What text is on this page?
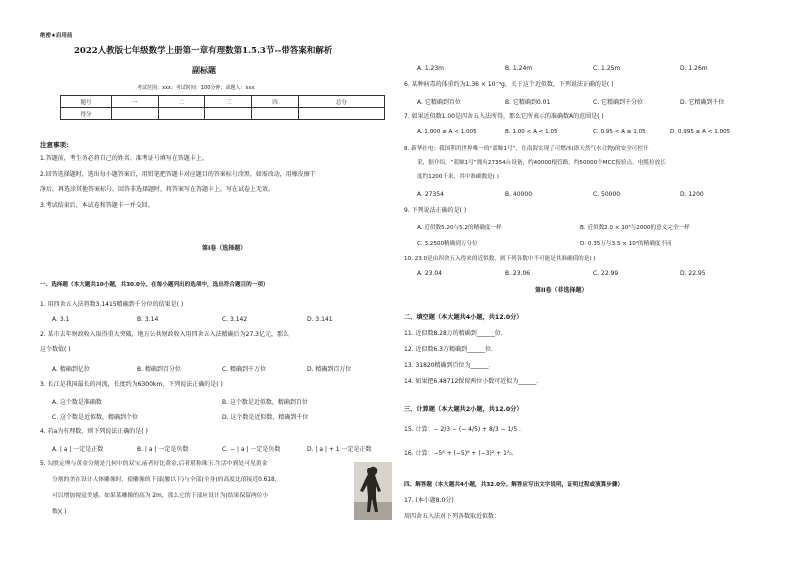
绝密★启用前
2022人教版七年级数学上册第一章有理数第1.5.3节--带答案和解析
副标题
考试范围：xxx；考试时间：100分钟；命题人：xxx
题号	一	二	三	四	总分
得分					
注意事项:
1.答题前，考生务必将自己的姓名、准考证号填写在答题卡上。
2.回答选择题时，选出每小题答案后，用铅笔把答题卡对应题目的答案标号涂黑。如需改动，用橡皮擦干
净后，再选涂其他答案标号。回答非选择题时，将答案写在答题卡上，写在试卷上无效。
3.考试结束后，本试卷和答题卡一并交回。
第I卷（选择题）
一、选择题（本大题共10小题，共30.0分。在每小题列出的选项中，选出符合题目的一项）
1. 用四舍五入法将数3.1415精确到千分位的结果是( )
A. 3.1	B. 3.14	C. 3.142	D. 3.141
2. 某市去年财政收入取得重大突破，地方公共财政收入用四舍五入法精确后为27.3亿元，那么
这个数值( )
A. 精确到亿位	B. 精确到百分位	C. 精确到千万位	D. 精确到百万位
3. 长江是我国最长的河流，长度约为6300km，下列说法正确的是( )
A. 这个数是准确数	B. 这个数是近似数，精确到百位
C. 这个数是近似数，精确到个位	D. 这个数是近似数，精确到千位
4. 若a为有理数，则下列说法正确的是( )
A. | a | 一定是正数	B. | a | 一定是负数	C. − | a | 一定是负数	D. | a | + 1 一定是正数
5. 勾股定理与黄金分割是几何中的双宝,前者好比黄金,后者堪称珠玉.生活中到处可见黄金
分割的美在设计人体雕像时，使雕像的下部(腰以下)与全部(全身)的高度比值接近0.618，
可以增加视觉美感。如果某雕像的高为 2m，那么它的下部应设计为(结果保留两位小
数)( )
A. 1.23m	B. 1.24m	C. 1.25m	D. 1.26m
6. 某种病毒的体重约为1.36 × 10⁻⁴g，关于这个近似数，下列说法正确的是( )
A. 它精确到百位	B. 它精确到0.01	C. 它精确到千分位	D. 它精确到千位
7. 如果近似数1.00是四舍五入法所得，那么它所表示的准确数A的范围是( )
A. 1.000 ≤ A < 1.005	B. 1.00 < A < 1.05	C. 0.95 < A ≤ 1.05	D. 0.995 ≤ A < 1.005
8. 新华社电：我国利用世界唯一的“蓝鲸1号”，在南海实现了可燃冰(即天然气水合物)的安全可控开
采，据介绍，“蓝鲸1号”拥有27354台设备，约40000根管路，约50000个MCC报验点，电缆拉放长
度约1200千米，其中准确数是( )
A. 27354	B. 40000	C. 50000	D. 1200
9. 下列说法正确的是( )
A. 近似数5.20与5.2的精确度一样	B. 近似数2.0 × 10³与2000的意义完全一样
C. 3.2500精确到万分位	D. 0.35万与3.5 × 10³的精确度不同
10. 23.0是由四舍五入得来的近似数，则下列各数中不可能是其准确值的是( )
A. 23.04	B. 23.06	C. 22.99	D. 22.95
第II卷（非选择题）
二、填空题（本大题共4小题，共12.0分）
11. 近似数8.28万的精确到______位．
12. 近似数6.3万精确到______位．
13. 31820精确到百位为______．
14. 如果把6.48712保留两位小数可近似为______.
三、计算题（本大题共2小题，共12.0分）
15. 计算：− 2/3 − (− 4/5) + 8/3 − 1/5 .
16. 计算：−5⁶ + (−5)⁶ + (−3)² + 1²₀.
四、解答题（本大题共4小题，共32.0分。解答应写出文字说明，证明过程或演算步骤）
17. (本小题8.0分)
用四舍五入法对下列各数取近似数：
